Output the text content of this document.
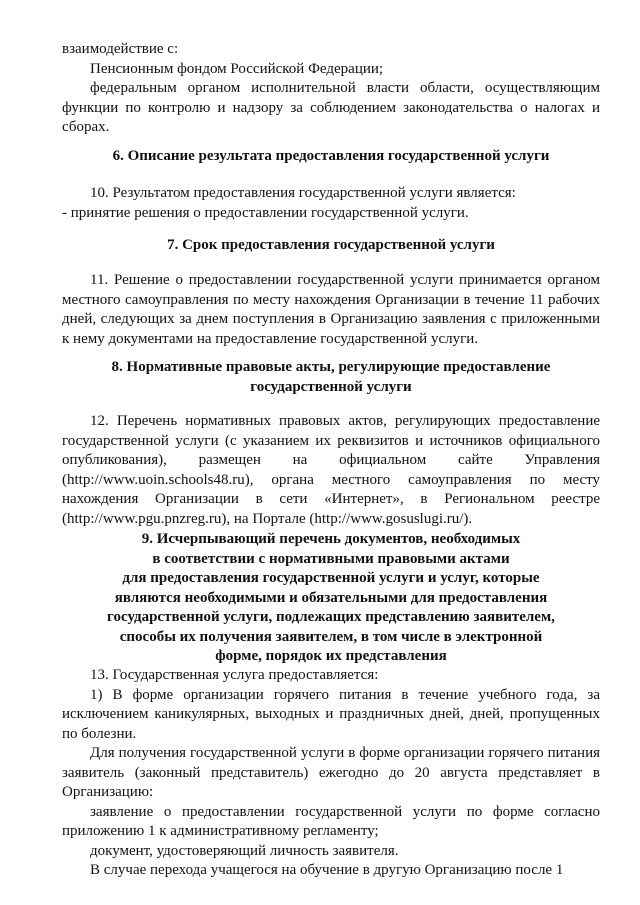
взаимодействие с:

Пенсионным фондом Российской Федерации;

федеральным органом исполнительной власти области, осуществляющим функции по контролю и надзору за соблюдением законодательства о налогах и сборах.

6. Описание результата предоставления государственной услуги

10. Результатом предоставления государственной услуги является:

- принятие решения о предоставлении государственной услуги.

7. Срок предоставления государственной услуги

11. Решение о предоставлении государственной услуги принимается органом местного самоуправления по месту нахождения Организации в течение 11 рабочих дней, следующих за днем поступления в Организацию заявления с приложенными к нему документами на предоставление государственной услуги.

8. Нормативные правовые акты, регулирующие предоставление

государственной услуги

12. Перечень нормативных правовых актов, регулирующих предоставление государственной услуги (с указанием их реквизитов и источников официального опубликования), размещен на официальном сайте Управления (http://www.uoin.schools48.ru), органа местного самоуправления по месту нахождения Организации в сети «Интернет», в Региональном реестре (http://www.pgu.pnzreg.ru), на Портале (http://www.gosuslugi.ru/).

9. Исчерпывающий перечень документов, необходимых

в соответствии с нормативными правовыми актами

для предоставления государственной услуги и услуг, которые

являются необходимыми и обязательными для предоставления

государственной услуги, подлежащих представлению заявителем,

способы их получения заявителем, в том числе в электронной

форме, порядок их представления

13. Государственная услуга предоставляется:

1) В форме организации горячего питания в течение учебного года, за исключением каникулярных, выходных и праздничных дней, дней, пропущенных по болезни.

Для получения государственной услуги в форме организации горячего питания заявитель (законный представитель) ежегодно до 20 августа представляет в Организацию:

заявление о предоставлении государственной услуги по форме согласно приложению 1 к административному регламенту;

документ, удостоверяющий личность заявителя.

В случае перехода учащегося на обучение в другую Организацию после 1
